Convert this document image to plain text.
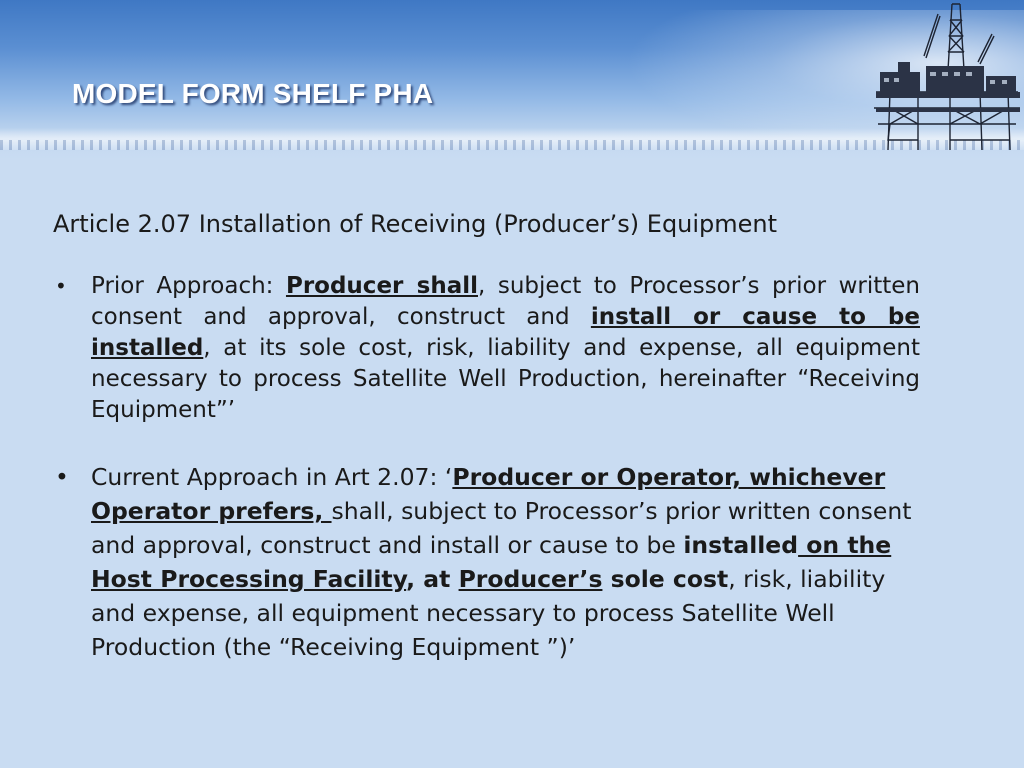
MODEL FORM SHELF PHA

Article 2.07 Installation of Receiving (Producer’s) Equipment

• Prior Approach: Producer shall, subject to Processor’s prior written consent and approval, construct and install or cause to be installed, at its sole cost, risk, liability and expense, all equipment necessary to process Satellite Well Production, hereinafter “Receiving Equipment”’
• Current Approach in Art 2.07: ‘Producer or Operator, whichever Operator prefers, shall, subject to Processor’s prior written consent and approval, construct and install or cause to be installed on the Host Processing Facility, at Producer’s sole cost, risk, liability and expense, all equipment necessary to process Satellite Well Production (the “Receiving Equipment ”)’
